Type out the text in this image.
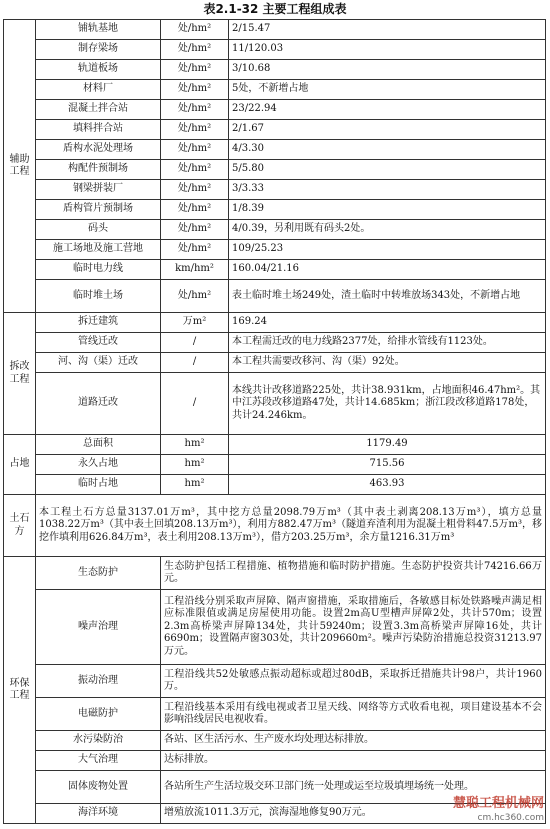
表2.1-32 主要工程组成表
辅助工程	铺轨基地	处/hm²	2/15.47
	制存梁场	处/hm²	11/120.03
	轨道板场	处/hm²	3/10.68
	材料厂	处/hm²	5处，不新增占地
	混凝土拌合站	处/hm²	23/22.94
	填料拌合站	处/hm²	2/1.67
	盾构水泥处理场	处/hm²	4/3.30
	构配件预制场	处/hm²	5/5.80
	钢梁拼装厂	处/hm²	3/3.33
	盾构管片预制场	处/hm²	1/8.39
	码头	处/hm²	4/0.39，另利用既有码头2处。
	施工场地及施工营地	处/hm²	109/25.23
	临时电力线	km/hm²	160.04/21.16
	临时堆土场	处/hm²	表土临时堆土场249处，渣土临时中转堆放场343处，不新增占地
拆改工程	拆迁建筑	万m²	169.24
	管线迁改	/	本工程需迁改的电力线路2377处，给排水管线有1123处。
	河、沟（渠）迁改	/	本工程共需要改移河、沟（渠）92处。
	道路迁改	/	本线共计改移道路225处，共计38.931km，占地面积46.47hm²。其中江苏段改移道路47处，共计14.685km；浙江段改移道路178处，共计24.246km。
占地	总面积	hm²	1179.49
	永久占地	hm²	715.56
	临时占地	hm²	463.93
土石方	本工程土石方总量3137.01万m³，其中挖方总量2098.79万m³（其中表土剥离208.13万m³），填方总量1038.22万m³（其中表土回填208.13万m³），利用方882.47万m³（隧道弃渣利用为混凝土粗骨料47.5万m³，移挖作填利用626.84万m³，表土利用208.13万m³），借方203.25万m³，余方量1216.31万m³		
环保工程	生态防护	生态防护包括工程措施、植物措施和临时防护措施。生态防护投资共计74216.66万元。	
	噪声治理	工程沿线分别采取声屏障、隔声窗措施，采取措施后，各敏感目标处铁路噪声满足相应标准限值或满足房屋使用功能。设置2m高U型槽声屏障2处，共计570m；设置2.3m高桥梁声屏障134处，共计59240m；设置3.3m高桥梁声屏障16处，共计6690m；设置隔声窗303处，共计209660m²。噪声污染防治措施总投资31213.97万元。	
	振动治理	工程沿线共52处敏感点振动超标或超过80dB，采取拆迁措施共计98户，共计1960万。	
	电磁防护	工程沿线基本采用有线电视或者卫星天线、网络等方式收看电视，项目建设基本不会影响沿线居民电视收看。	
	水污染防治	各站、区生活污水、生产废水均处理达标排放。	
	大气治理	达标排放。	
	固体废物处置	各站所生产生活垃圾交环卫部门统一处理或运至垃圾填埋场统一处理。	
	海洋环境	增殖放流1011.3万元，滨海湿地修复90万元。	
慧聪工程机械网
cm.hc360.com
